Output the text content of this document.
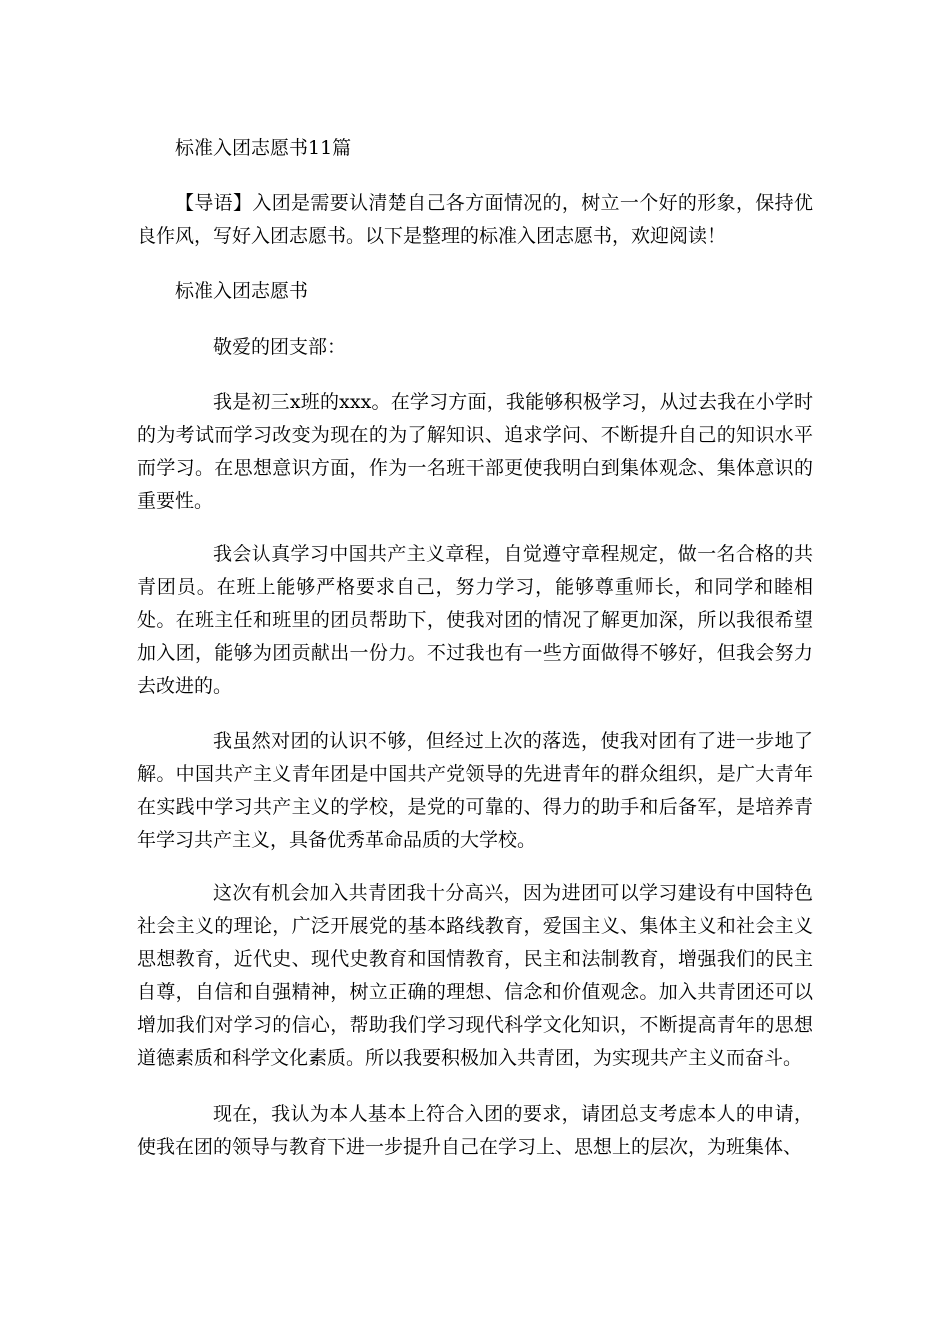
标准入团志愿书11篇

【导语】入团是需要认清楚自己各方面情况的，树立一个好的形象，保持优良作风，写好入团志愿书。以下是整理的标准入团志愿书，欢迎阅读！

标准入团志愿书

敬爱的团支部：

我是初三x班的xxx。在学习方面，我能够积极学习，从过去我在小学时的为考试而学习改变为现在的为了解知识、追求学问、不断提升自己的知识水平而学习。在思想意识方面，作为一名班干部更使我明白到集体观念、集体意识的重要性。

我会认真学习中国共产主义章程，自觉遵守章程规定，做一名合格的共青团员。在班上能够严格要求自己，努力学习，能够尊重师长，和同学和睦相处。在班主任和班里的团员帮助下，使我对团的情况了解更加深，所以我很希望加入团，能够为团贡献出一份力。不过我也有一些方面做得不够好，但我会努力去改进的。

我虽然对团的认识不够，但经过上次的落选，使我对团有了进一步地了解。中国共产主义青年团是中国共产党领导的先进青年的群众组织，是广大青年在实践中学习共产主义的学校，是党的可靠的、得力的助手和后备军，是培养青年学习共产主义，具备优秀革命品质的大学校。

这次有机会加入共青团我十分高兴，因为进团可以学习建设有中国特色社会主义的理论，广泛开展党的基本路线教育，爱国主义、集体主义和社会主义思想教育，近代史、现代史教育和国情教育，民主和法制教育，增强我们的民主自尊，自信和自强精神，树立正确的理想、信念和价值观念。加入共青团还可以增加我们对学习的信心，帮助我们学习现代科学文化知识，不断提高青年的思想道德素质和科学文化素质。所以我要积极加入共青团，为实现共产主义而奋斗。

现在，我认为本人基本上符合入团的要求，请团总支考虑本人的申请，使我在团的领导与教育下进一步提升自己在学习上、思想上的层次，为班集体、
